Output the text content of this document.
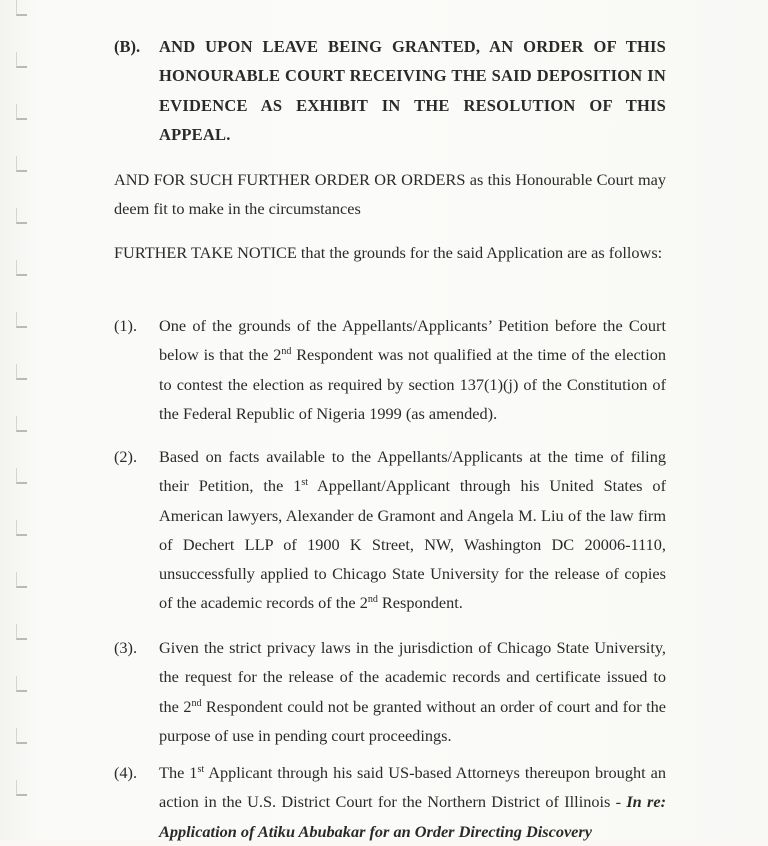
(B). AND UPON LEAVE BEING GRANTED, AN ORDER OF THIS HONOURABLE COURT RECEIVING THE SAID DEPOSITION IN EVIDENCE AS EXHIBIT IN THE RESOLUTION OF THIS APPEAL.
AND FOR SUCH FURTHER ORDER OR ORDERS as this Honourable Court may deem fit to make in the circumstances
FURTHER TAKE NOTICE that the grounds for the said Application are as follows:
(1). One of the grounds of the Appellants/Applicants’ Petition before the Court below is that the 2nd Respondent was not qualified at the time of the election to contest the election as required by section 137(1)(j) of the Constitution of the Federal Republic of Nigeria 1999 (as amended).
(2). Based on facts available to the Appellants/Applicants at the time of filing their Petition, the 1st Appellant/Applicant through his United States of American lawyers, Alexander de Gramont and Angela M. Liu of the law firm of Dechert LLP of 1900 K Street, NW, Washington DC 20006-1110, unsuccessfully applied to Chicago State University for the release of copies of the academic records of the 2nd Respondent.
(3). Given the strict privacy laws in the jurisdiction of Chicago State University, the request for the release of the academic records and certificate issued to the 2nd Respondent could not be granted without an order of court and for the purpose of use in pending court proceedings.
(4). The 1st Applicant through his said US-based Attorneys thereupon brought an action in the U.S. District Court for the Northern District of Illinois - In re: Application of Atiku Abubakar for an Order Directing Discovery
